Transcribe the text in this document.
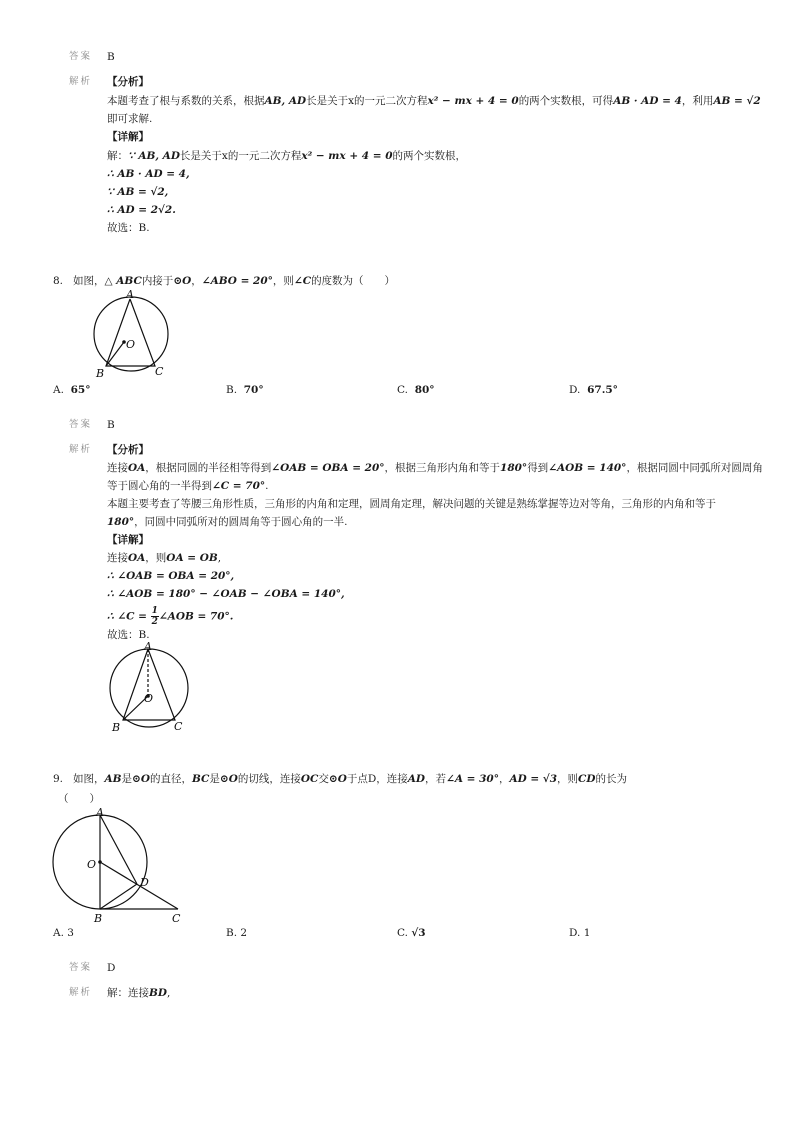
答案 B
解析 【分析】
本题考查了根与系数的关系，根据AB, AD长是关于x的一元二次方程x² − mx + 4 = 0的两个实数根，可得AB · AD = 4，利用AB = √2
即可求解.
【详解】
解：∵ AB, AD长是关于x的一元二次方程x² − mx + 4 = 0的两个实数根，
∴ AB · AD = 4,
∵ AB = √2,
∴ AD = 2√2.
故选：B.
8. 如图，△ ABC内接于⊙O，∠ABO = 20°，则∠C的度数为（　　）
A
O
B	C
A. 65°	B. 70°	C. 80°	D. 67.5°
答案 B
解析 【分析】
连接OA，根据同圆的半径相等得到∠OAB = OBA = 20°，根据三角形内角和等于180°得到∠AOB = 140°，根据同圆中同弧所对圆周角
等于圆心角的一半得到∠C = 70°.
本题主要考查了等腰三角形性质，三角形的内角和定理，圆周角定理，解决问题的关键是熟练掌握等边对等角，三角形的内角和等于
180°，同圆中同弧所对的圆周角等于圆心角的一半.
【详解】
连接OA，则OA = OB,
∴ ∠OAB = OBA = 20°,
∴ ∠AOB = 180° − ∠OAB − ∠OBA = 140°,
∴ ∠C = $\frac{1}{2}$ ∠AOB = 70°.
故选：B.
A
O
B	C
9. 如图，AB是⊙O的直径，BC是⊙O的切线，连接OC交⊙O于点D，连接AD，若∠A = 30°，AD = √3，则CD的长为
（　　）
A
O
D
B	C
A. 3	B. 2	C. √3	D. 1
答案 D
解析 解：连接BD,
